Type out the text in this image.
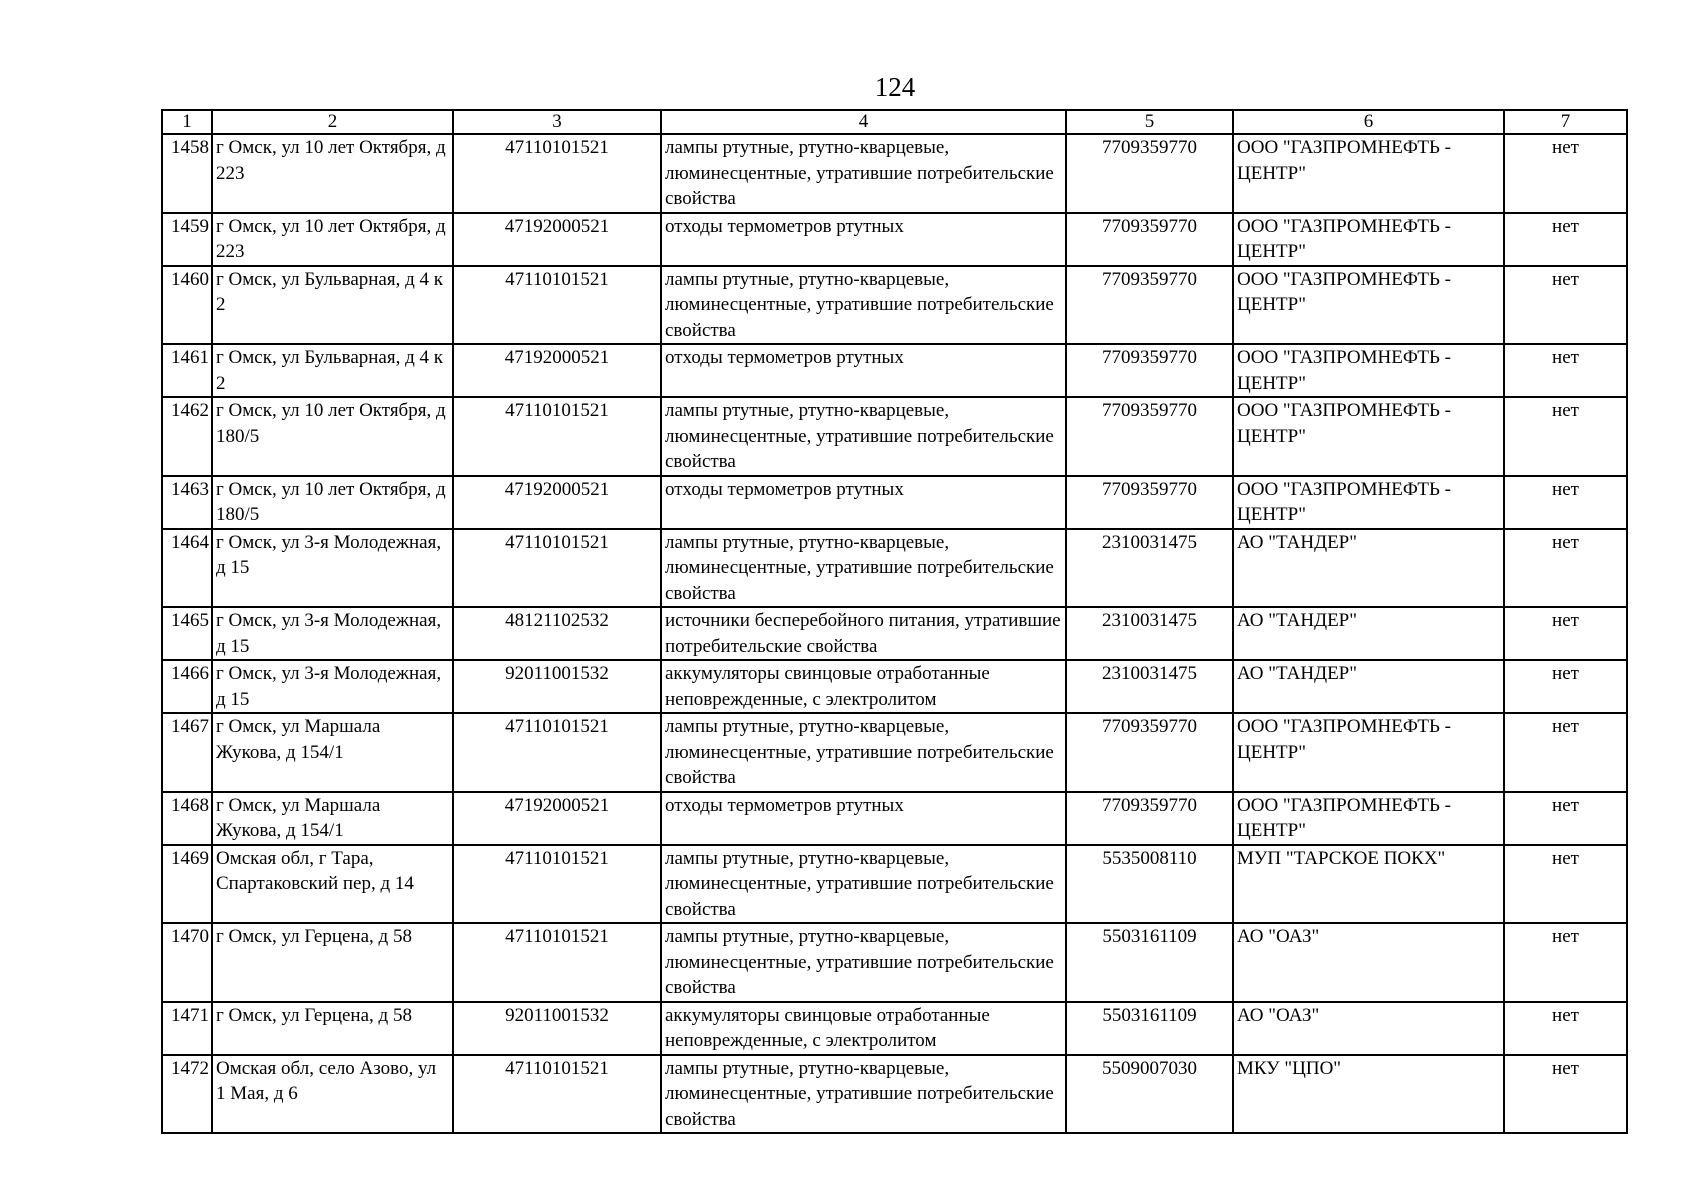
124
1	2	3	4	5	6	7
1458	г Омск, ул 10 лет Октября, д 223	47110101521	лампы ртутные, ртутно-кварцевые, люминесцентные, утратившие потребительские свойства	7709359770	ООО "ГАЗПРОМНЕФТЬ - ЦЕНТР"	нет
1459	г Омск, ул 10 лет Октября, д 223	47192000521	отходы термометров ртутных	7709359770	ООО "ГАЗПРОМНЕФТЬ - ЦЕНТР"	нет
1460	г Омск, ул Бульварная, д 4 к 2	47110101521	лампы ртутные, ртутно-кварцевые, люминесцентные, утратившие потребительские свойства	7709359770	ООО "ГАЗПРОМНЕФТЬ - ЦЕНТР"	нет
1461	г Омск, ул Бульварная, д 4 к 2	47192000521	отходы термометров ртутных	7709359770	ООО "ГАЗПРОМНЕФТЬ - ЦЕНТР"	нет
1462	г Омск, ул 10 лет Октября, д 180/5	47110101521	лампы ртутные, ртутно-кварцевые, люминесцентные, утратившие потребительские свойства	7709359770	ООО "ГАЗПРОМНЕФТЬ - ЦЕНТР"	нет
1463	г Омск, ул 10 лет Октября, д 180/5	47192000521	отходы термометров ртутных	7709359770	ООО "ГАЗПРОМНЕФТЬ - ЦЕНТР"	нет
1464	г Омск, ул 3-я Молодежная, д 15	47110101521	лампы ртутные, ртутно-кварцевые, люминесцентные, утратившие потребительские свойства	2310031475	АО "ТАНДЕР"	нет
1465	г Омск, ул 3-я Молодежная, д 15	48121102532	источники бесперебойного питания, утратившие потребительские свойства	2310031475	АО "ТАНДЕР"	нет
1466	г Омск, ул 3-я Молодежная, д 15	92011001532	аккумуляторы свинцовые отработанные неповрежденные, с электролитом	2310031475	АО "ТАНДЕР"	нет
1467	г Омск, ул Маршала Жукова, д 154/1	47110101521	лампы ртутные, ртутно-кварцевые, люминесцентные, утратившие потребительские свойства	7709359770	ООО "ГАЗПРОМНЕФТЬ - ЦЕНТР"	нет
1468	г Омск, ул Маршала Жукова, д 154/1	47192000521	отходы термометров ртутных	7709359770	ООО "ГАЗПРОМНЕФТЬ - ЦЕНТР"	нет
1469	Омская обл, г Тара, Спартаковский пер, д 14	47110101521	лампы ртутные, ртутно-кварцевые, люминесцентные, утратившие потребительские свойства	5535008110	МУП "ТАРСКОЕ ПОКХ"	нет
1470	г Омск, ул Герцена, д 58	47110101521	лампы ртутные, ртутно-кварцевые, люминесцентные, утратившие потребительские свойства	5503161109	АО "ОАЗ"	нет
1471	г Омск, ул Герцена, д 58	92011001532	аккумуляторы свинцовые отработанные неповрежденные, с электролитом	5503161109	АО "ОАЗ"	нет
1472	Омская обл, село Азово, ул 1 Мая, д 6	47110101521	лампы ртутные, ртутно-кварцевые, люминесцентные, утратившие потребительские свойства	5509007030	МКУ "ЦПО"	нет
